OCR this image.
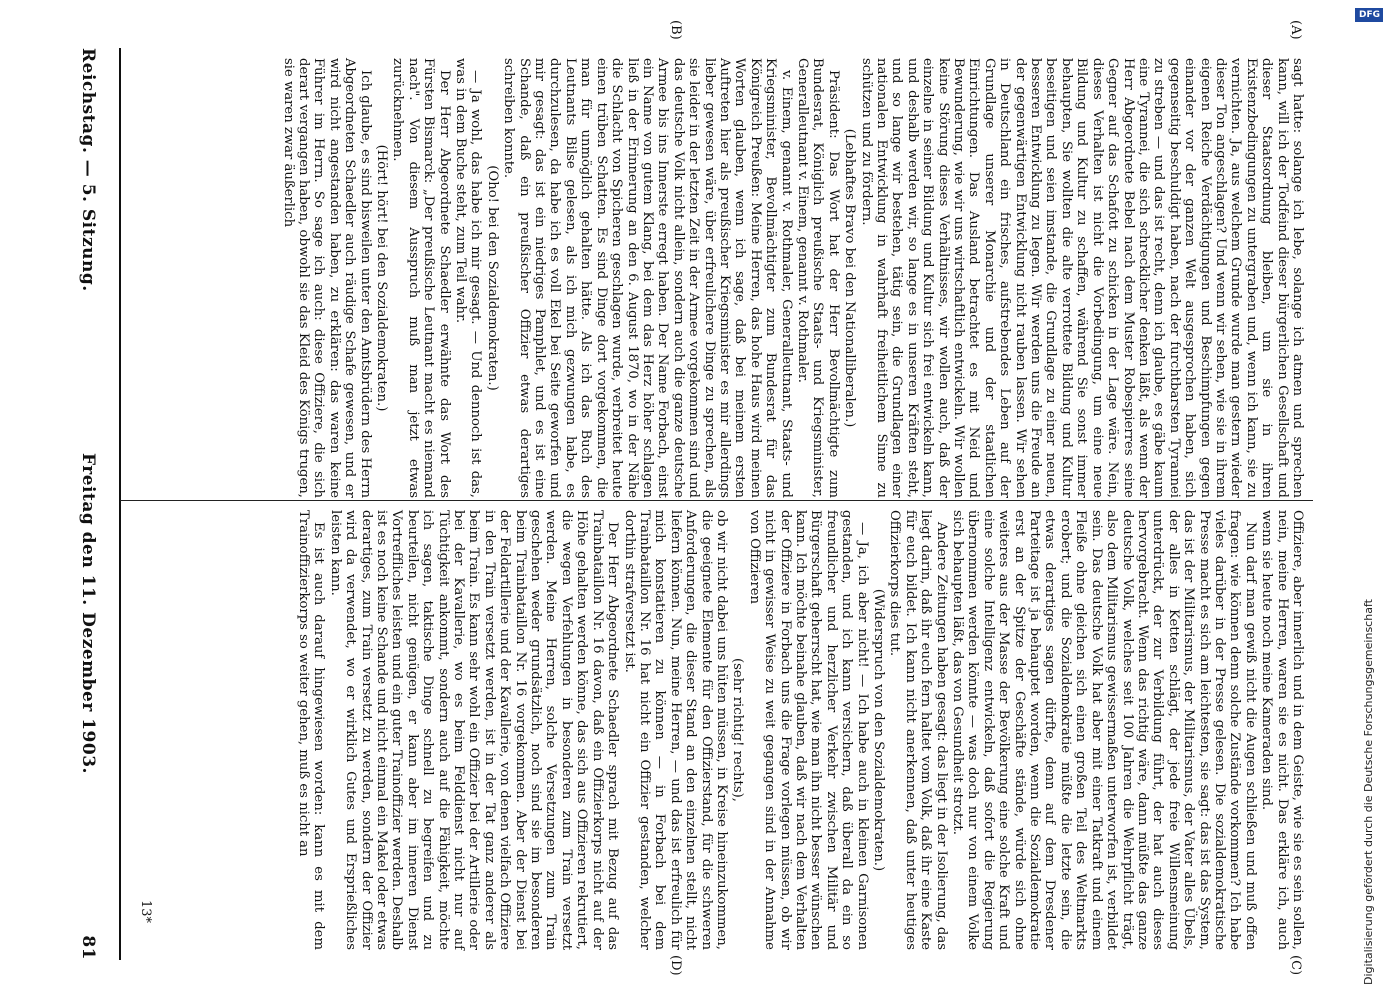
Reichstag. — 5. Sitzung.
Freitag den 11. Dezember 1903.
81

sagt hatte: solange ich lebe, solange ich atmen und sprechen kann, will ich der Todfeind dieser bürgerlichen Gesellschaft und dieser Staatsordnung bleiben, um sie in ihren Existenzbedingungen zu untergraben und, wenn ich kann, sie zu vernichten. Ja, aus welchem Grunde wurde man gestern wieder dieser Ton angeschlagen? Und wenn wir sehen, wie sie in ihrem eigenen Reiche Verdächtigungen und Beschimpfungen gegen einander vor der ganzen Welt ausgesprochen haben, sich gegenseitig beschuldigt haben, nach der furchtbarsten Tyrannei zu streben — und das ist recht, denn ich glaube, es gäbe kaum eine Tyrannei, die sich schrecklicher denken läßt, als wenn der Herr Abgeordnete Bebel nach dem Muster Robespierres seine Gegner auf das Schafott zu schicken in der Lage wäre. Nein, dieses Verhalten ist nicht die Vorbedingung, um eine neue Bildung und Kultur zu schaffen, während Sie sonst immer behaupten, Sie wollten die alte verrottete Bildung und Kultur beseitigen und seien imstande, die Grundlage zu einer neuen, besseren Entwicklung zu legen. Wir werden uns die Freude an der gegenwärtigen Entwicklung nicht rauben lassen. Wir sehen in Deutschland ein frisches, aufstrebendes Leben auf der Grundlage unserer Monarchie und der staatlichen Einrichtungen. Das Ausland betrachtet es mit Neid und Bewunderung, wie wir uns wirtschaftlich entwickeln. Wir wollen keine Störung dieses Verhältnisses, wir wollen auch, daß der einzelne in seiner Bildung und Kultur sich frei entwickeln kann, und deshalb werden wir, so lange es in unseren Kräften steht, und so lange wir bestehen, tätig sein, die Grundlagen einer nationalen Entwicklung in wahrhaft freiheitlichem Sinne zu schützen und zu fördern.

(Lebhaftes Bravo bei den Nationalliberalen.)

Präsident: Das Wort hat der Herr Bevollmächtigte zum Bundesrat, Königlich preußische Staats- und Kriegsminister, Generalleutnant v. Einem, genannt v. Rothmaler.

v. Einem, genannt v. Rothmaler, Generalleutnant, Staats- und Kriegsminister, Bevollmächtigter zum Bundesrat für das Königreich Preußen: Meine Herren, das hohe Haus wird meinen Worten glauben, wenn ich sage, daß bei meinem ersten Auftreten hier als preußischer Kriegsminister es mir allerdings lieber gewesen wäre, über erfreulichere Dinge zu sprechen, als sie leider in der letzten Zeit in der Armee vorgekommen sind und das deutsche Volk nicht allein, sondern auch die ganze deutsche Armee bis ins Innerste erregt haben. Der Name Forbach, einst ein Name von gutem Klang, bei dem das Herz höher schlagen ließ in der Erinnerung an den 6. August 1870, wo in der Nähe die Schlacht von Spicheren geschlagen wurde, verbreitet heute einen trüben Schatten. Es sind Dinge dort vorgekommen, die man für unmöglich gehalten hätte. Als ich das Buch des Leutnants Bilse gelesen, als ich mich gezwungen habe, es durchzulesen, da habe ich es voll Ekel bei Seite geworfen und mir gesagt: das ist ein niedriges Pamphlet, und es ist eine Schande, daß ein preußischer Offizier etwas derartiges schreiben konnte.

(Oho! bei den Sozialdemokraten.)

— Ja wohl, das habe ich mir gesagt. — Und dennoch ist das, was in dem Buche steht, zum Teil wahr.

Der Herr Abgeordnete Schaedler erwähnte das Wort des Fürsten Bismarck: „Der preußische Leutnant macht es niemand nach". Von diesem Ausspruch muß man jetzt etwas zurücknehmen.

(Hört! hört! bei den Sozialdemokraten.)

Ich glaube, es sind bisweilen unter den Amtsbrüdern des Herrn Abgeordneten Schaedler auch räudige Schafe gewesen, und er wird nicht angestanden haben, zu erklären: das waren keine Führer im Herrn. So sage ich auch: diese Offiziere, die sich derart vergangen haben, obwohl sie das Kleid des Königs trugen, sie waren zwar äußerlich

Offiziere, aber innerlich und in dem Geiste, wie sie es sein sollen, nein, meine Herren, waren sie es nicht. Das erkläre ich, auch wenn sie heute noch meine Kameraden sind.

Nun darf man gewiß nicht die Augen schließen und muß offen fragen: wie können denn solche Zustände vorkommen? Ich habe vieles darüber in der Presse gelesen. Die sozialdemokratische Presse macht es sich am leichtesten, sie sagt: das ist das System, das ist der Militarismus, der Militarismus, der Vater alles Übels, der alles in Ketten schlägt, der jede freie Willensmeinung unterdrückt, der zur Verbildung führt, der hat auch dieses hervorgebracht. Wenn das richtig wäre, dann müßte das ganze deutsche Volk, welches seit 100 Jahren die Wehrpflicht trägt, also dem Militarismus gewissermaßen unterworfen ist, verbildet sein. Das deutsche Volk hat aber mit einer Tatkraft und einem Fleiße ohne gleichen sich einen großen Teil des Weltmarkts erobert; und die Sozialdemokratie müßte die letzte sein, die etwas derartiges sagen dürfte, denn auf dem Dresdener Parteitage ist ja behauptet worden, wenn die Sozialdemokratie erst an der Spitze der Geschäfte stände, würde sich ohne weiteres aus der Masse der Bevölkerung eine solche Kraft und eine solche Intelligenz entwickeln, daß sofort die Regierung übernommen werden könnte — was doch nur von einem Volke sich behaupten läßt, das von Gesundheit strotzt.

Andere Zeitungen haben gesagt: das liegt in der Isolierung, das liegt darin, daß ihr euch fern haltet vom Volk, daß ihr eine Kaste für euch bildet. Ich kann nicht anerkennen, daß unter heutiges Offizierkorps dies tut.

(Widerspruch von den Sozialdemokraten.)

— Ja, ich aber nicht! — Ich habe auch in kleinen Garnisonen gestanden, und ich kann versichern, daß überall da ein so freundlicher und herzlicher Verkehr zwischen Militär und Bürgerschaft geherrscht hat, wie man ihn nicht besser wünschen kann. Ich möchte beinahe glauben, daß wir nach dem Verhalten der Offiziere in Forbach uns die Frage vorlegen müssen, ob wir nicht in gewisser Weise zu weit gegangen sind in der Annahme von Offizieren

(sehr richtig! rechts),

ob wir nicht dabei uns hüten müssen, in Kreise hineinzukommen, die geeignete Elemente für den Offizierstand, für die schweren Anforderungen, die dieser Stand an den einzelnen stellt, nicht liefern können. Nun, meine Herren, — und das ist erfreulich für mich konstatieren zu können — in Forbach bei dem Trainbataillon Nr. 16 hat nicht ein Offizier gestanden, welcher dorthin strafversetzt ist.

Der Herr Abgeordnete Schaedler sprach mit Bezug auf das Trainbataillon Nr. 16 davon, daß ein Offizierkorps nicht auf der Höhe gehalten werden könne, das sich aus Offizieren rekrutiert, die wegen Verfehlungen in besonderen zum Train versetzt werden. Meine Herren, solche Versetzungen zum Train geschehen weder grundsätzlich, noch sind sie im besonderen beim Trainbataillon Nr. 16 vorgekommen. Aber der Dienst bei der Feldartillerie und der Kavallerie, von denen vielfach Offiziere in den Train versetzt werden, ist in der Tat ganz anderer als beim Train. Es kann sehr wohl ein Offizier bei der Artillerie oder bei der Kavallerie, wo es beim Felddienst nicht nur auf Tüchtigkeit ankommt, sondern auch auf die Fähigkeit, möchte ich sagen, taktische Dinge schnell zu begreifen und zu beurteilen, nicht genügen, er kann aber im inneren Dienst Vortreffliches leisten und ein guter Trainoffizier werden. Deshalb ist es noch keine Schande und nicht einmal ein Makel oder etwas derartiges, zum Train versetzt zu werden, sondern der Offizier wird da verwendet, wo er wirklich Gutes und Ersprießliches leisten kann.

Es ist auch darauf hingewiesen worden: kann es mit dem Trainoffizierkorps so weiter gehen, muß es nicht an

(A)
(B)
(C)
(D)
13*	Digitalisierung gefördert durch die Deutsche Forschungsgemeinschaft
DFG
